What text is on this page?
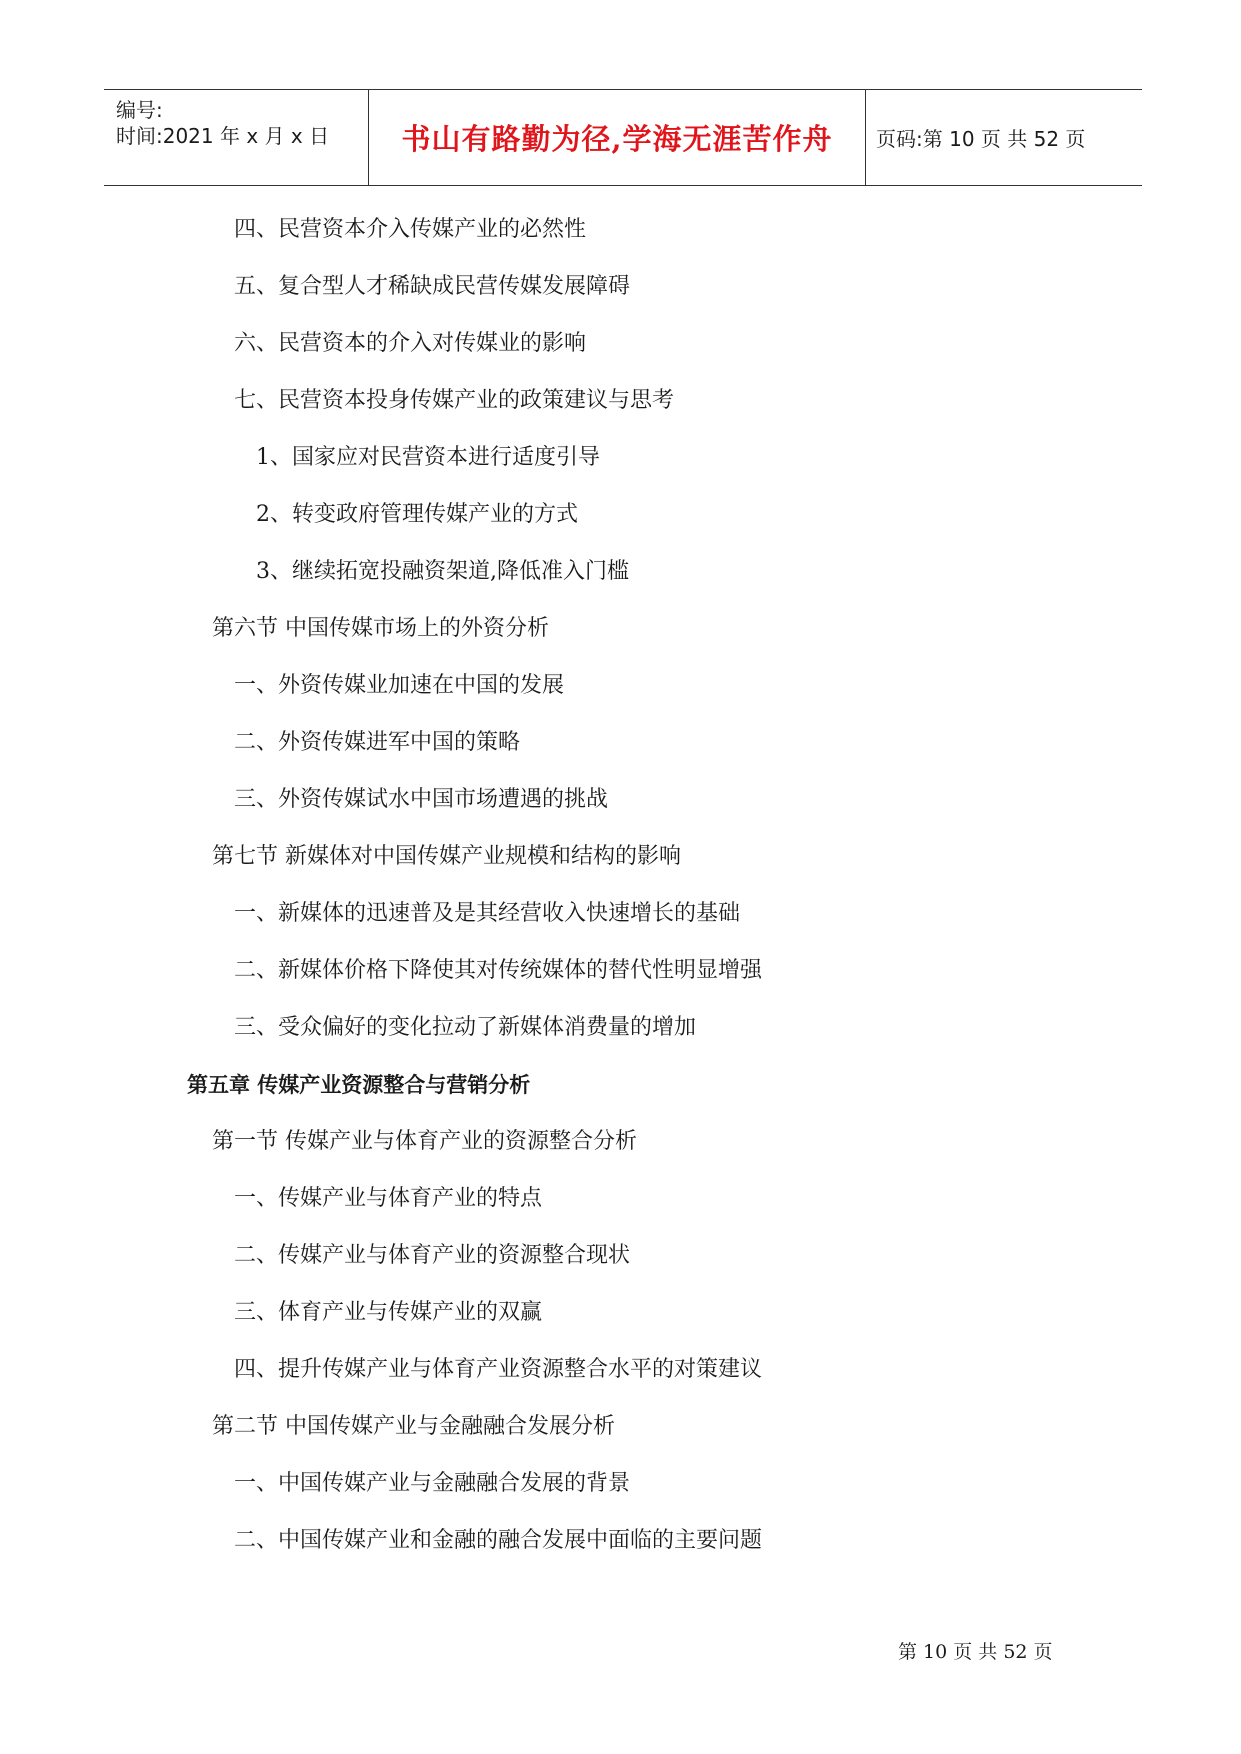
编号:
时间:2021 年 x 月 x 日 书山有路勤为径,学海无涯苦作舟 页码:第 10 页 共 52 页
四、民营资本介入传媒产业的必然性
五、复合型人才稀缺成民营传媒发展障碍
六、民营资本的介入对传媒业的影响
七、民营资本投身传媒产业的政策建议与思考
1、国家应对民营资本进行适度引导
2、转变政府管理传媒产业的方式
3、继续拓宽投融资架道,降低准入门槛
第六节 中国传媒市场上的外资分析
一、外资传媒业加速在中国的发展
二、外资传媒进军中国的策略
三、外资传媒试水中国市场遭遇的挑战
第七节 新媒体对中国传媒产业规模和结构的影响
一、新媒体的迅速普及是其经营收入快速增长的基础
二、新媒体价格下降使其对传统媒体的替代性明显增强
三、受众偏好的变化拉动了新媒体消费量的增加
第五章 传媒产业资源整合与营销分析
第一节 传媒产业与体育产业的资源整合分析
一、传媒产业与体育产业的特点
二、传媒产业与体育产业的资源整合现状
三、体育产业与传媒产业的双赢
四、提升传媒产业与体育产业资源整合水平的对策建议
第二节 中国传媒产业与金融融合发展分析
一、中国传媒产业与金融融合发展的背景
二、中国传媒产业和金融的融合发展中面临的主要问题
第 10 页 共 52 页
